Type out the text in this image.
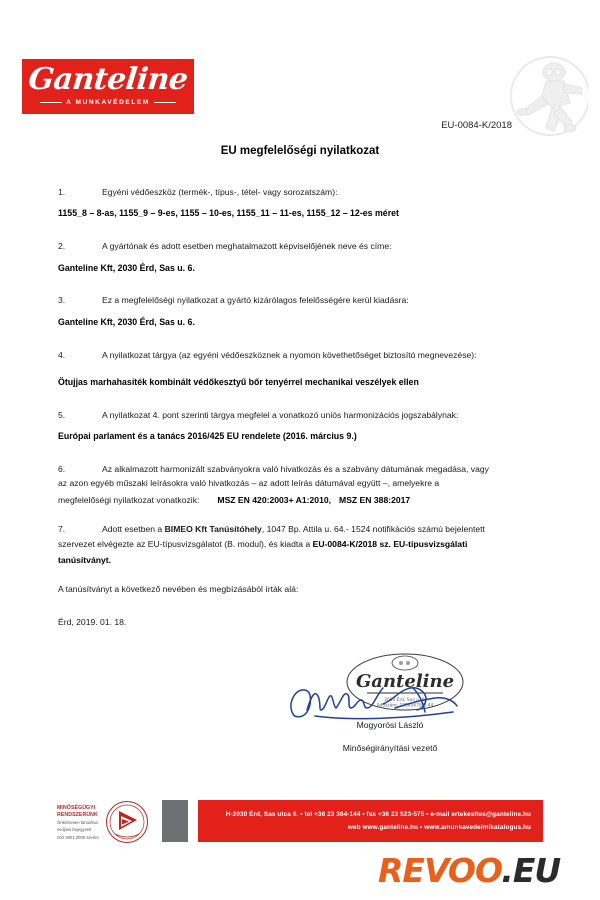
Ganteline
A MUNKAVÉDELEM
EU-0084-K/2018
EU megfelelőségi nyilatkozat
1.	Egyéni védőeszköz (termék-, típus-, tétel- vagy sorozatszám):
1155_8 – 8-as, 1155_9 – 9-es, 1155 – 10-es, 1155_11 – 11-es, 1155_12 – 12-es méret
2.	A gyártónak és adott esetben meghatalmazott képviselőjének neve és címe:
Ganteline Kft, 2030 Érd, Sas u. 6.
3.	Ez a megfelelőségi nyilatkozat a gyártó kizárólagos felelősségére kerül kiadásra:
Ganteline Kft, 2030 Érd, Sas u. 6.
4.	A nyilatkozat tárgya (az egyéni védőeszköznek a nyomon követhetőséget biztosító megnevezése):
Ötujjas marhahasíték kombinált védőkesztyű bőr tenyérrel mechanikai veszélyek ellen
5.	A nyilatkozat 4. pont szerinti tárgya megfelel a vonatkozó uniós harmonizációs jogszabálynak:
Európai parlament és a tanács 2016/425 EU rendelete (2016. március 9.)
6.	Az alkalmazott harmonizált szabványokra való hivatkozás és a szabvány dátumának megadása, vagy
az azon egyéb műszaki leírásokra való hivatkozás – az adott leírás dátumával együtt –, amelyekre a
megfelelőségi nyilatkozat vonatkozik: MSZ EN 420:2003+ A1:2010, MSZ EN 388:2017
7.	Adott esetben a BIMEO Kft Tanúsítóhely, 1047 Bp. Attila u. 64.- 1524 notifikációs számú bejelentett
szervezet elvégezte az EU-típusvizsgálatot (B. modul), és kiadta a EU-0084-K/2018 sz. EU-típusvizsgálati
tanúsítványt.
A tanúsítványt a következő nevében és megbízásából írták alá:
Érd, 2019. 01. 18.
Ganteline
2030 Érd, Sas u. 6.
Adószám: 12345678-2-44
Mogyorósi László
Minőségirányítási vezető
MINŐSÉGÜGYI
RENDSZERÜNK
Önkéntesen tanúsítva
vedjuss bejegyzett
ISO 9001:2000 szerint
H-2030 Érd, Sas utca 6. • tel +36 23 364-144 • fax +36 23 523-575 • e-mail ertekesites@ganteline.hu
web www.ganteline.hu • www.amunkavedelmikatalogus.hu
REVOO.EU
